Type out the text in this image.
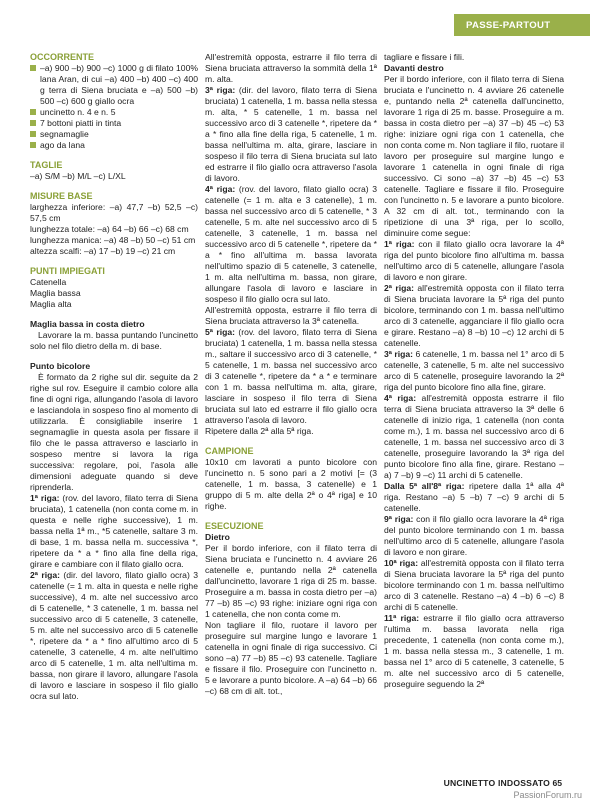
PASSE-PARTOUT

OCCORRENTE

–a) 900 –b) 900 –c) 1000 g di filato 100% lana Aran, di cui –a) 400 –b) 400 –c) 400 g terra di Siena bruciata e –a) 500 –b) 500 –c) 600 g giallo ocra

uncinetto n. 4 e n. 5

7 bottoni piatti in tinta

segnamaglie

ago da lana

TAGLIE

–a) S/M –b) M/L –c) L/XL

MISURE BASE

larghezza inferiore: –a) 47,7 –b) 52,5 –c) 57,5 cm

lunghezza totale: –a) 64 –b) 66 –c) 68 cm

lunghezza manica: –a) 48 –b) 50 –c) 51 cm

altezza scalfi: –a) 17 –b) 19 –c) 21 cm

PUNTI IMPIEGATI

Catenella

Maglia bassa

Maglia alta

Maglia bassa in costa dietro

Lavorare la m. bassa puntando l'uncinetto solo nel filo dietro della m. di base.

Punto bicolore

È formato da 2 righe sul dir. seguite da 2 righe sul rov. Eseguire il cambio colore alla fine di ogni riga, allungando l'asola di lavoro e lasciandola in sospeso fino al momento di utilizzarla. È consigliabile inserire 1 segnamaglie in questa asola per fissare il filo che le passa attraverso e lasciarlo in sospeso mentre si lavora la riga successiva: regolare, poi, l'asola alle dimensioni adeguate quando si deve riprenderla.

1ª riga: (rov. del lavoro, filato terra di Siena bruciata), 1 catenella (non conta come m. in questa e nelle righe successive), 1 m. bassa nella 1ª m., *5 catenelle, saltare 3 m. di base, 1 m. bassa nella m. successiva *, ripetere da * a * fino alla fine della riga, girare e cambiare con il filato giallo ocra.

2ª riga: (dir. del lavoro, filato giallo ocra) 3 catenelle (= 1 m. alta in questa e nelle righe successive), 4 m. alte nel successivo arco di 5 catenelle, * 3 catenelle, 1 m. bassa nel successivo arco di 5 catenelle, 3 catenelle, 5 m. alte nel successivo arco di 5 catenelle *, ripetere da * a * fino all'ultimo arco di 5 catenelle, 3 catenelle, 4 m. alte nell'ultimo arco di 5 catenelle, 1 m. alta nell'ultima m. bassa, non girare il lavoro, allungare l'asola di lavoro e lasciare in sospeso il filo giallo ocra sul lato.

All'estremità opposta, estrarre il filo terra di Siena bruciata attraverso la sommità della 1ª m. alta.

3ª riga: (dir. del lavoro, filato terra di Siena bruciata) 1 catenella, 1 m. bassa nella stessa m. alta, * 5 catenelle, 1 m. bassa nel successivo arco di 3 catenelle *, ripetere da * a * fino alla fine della riga, 5 catenelle, 1 m. bassa nell'ultima m. alta, girare, lasciare in sospeso il filo terra di Siena bruciata sul lato ed estrarre il filo giallo ocra attraverso l'asola di lavoro.

4ª riga: (rov. del lavoro, filato giallo ocra) 3 catenelle (= 1 m. alta e 3 catenelle), 1 m. bassa nel successivo arco di 5 catenelle, * 3 catenelle, 5 m. alte nel successivo arco di 5 catenelle, 3 catenelle, 1 m. bassa nel successivo arco di 5 catenelle *, ripetere da * a * fino all'ultima m. bassa lavorata nell'ultimo spazio di 5 catenelle, 3 catenelle, 1 m. alta nell'ultima m. bassa, non girare, allungare l'asola di lavoro e lasciare in sospeso il filo giallo ocra sul lato.

All'estremità opposta, estrarre il filo terra di Siena bruciata attraverso la 3ª catenella.

5ª riga: (rov. del lavoro, filato terra di Siena bruciata) 1 catenella, 1 m. bassa nella stessa m., saltare il successivo arco di 3 catenelle, * 5 catenelle, 1 m. bassa nel successivo arco di 3 catenelle *, ripetere da * a * e terminare con 1 m. bassa nell'ultima m. alta, girare, lasciare in sospeso il filo terra di Siena bruciata sul lato ed estrarre il filo giallo ocra attraverso l'asola di lavoro.

Ripetere dalla 2ª alla 5ª riga.

CAMPIONE

10x10 cm lavorati a punto bicolore con l'uncinetto n. 5 sono pari a 2 motivi [= (3 catenelle, 1 m. bassa, 3 catenelle) e 1 gruppo di 5 m. alte della 2ª o 4ª riga] e 10 righe.

ESECUZIONE

Dietro

Per il bordo inferiore, con il filato terra di Siena bruciata e l'uncinetto n. 4 avviare 26 catenelle e, puntando nella 2ª catenella dall'uncinetto, lavorare 1 riga di 25 m. basse. Proseguire a m. bassa in costa dietro per –a) 77 –b) 85 –c) 93 righe: iniziare ogni riga con 1 catenella, che non conta come m.

Non tagliare il filo, ruotare il lavoro per proseguire sul margine lungo e lavorare 1 catenella in ogni finale di riga successivo. Ci sono –a) 77 –b) 85 –c) 93 catenelle. Tagliare e fissare il filo. Proseguire con l'uncinetto n. 5 e lavorare a punto bicolore. A –a) 64 –b) 66 –c) 68 cm di alt. tot.,

tagliare e fissare i fili.

Davanti destro

Per il bordo inferiore, con il filato terra di Siena bruciata e l'uncinetto n. 4 avviare 26 catenelle e, puntando nella 2ª catenella dall'uncinetto, lavorare 1 riga di 25 m. basse. Proseguire a m. bassa in costa dietro per –a) 37 –b) 45 –c) 53 righe: iniziare ogni riga con 1 catenella, che non conta come m. Non tagliare il filo, ruotare il lavoro per proseguire sul margine lungo e lavorare 1 catenella in ogni finale di riga successivo. Ci sono –a) 37 –b) 45 –c) 53 catenelle. Tagliare e fissare il filo. Proseguire con l'uncinetto n. 5 e lavorare a punto bicolore. A 32 cm di alt. tot., terminando con la ripetizione di una 3ª riga, per lo scollo, diminuire come segue:

1ª riga: con il filato giallo ocra lavorare la 4ª riga del punto bicolore fino all'ultima m. bassa nell'ultimo arco di 5 catenelle, allungare l'asola di lavoro e non girare.

2ª riga: all'estremità opposta con il filato terra di Siena bruciata lavorare la 5ª riga del punto bicolore, terminando con 1 m. bassa nell'ultimo arco di 3 catenelle, agganciare il filo giallo ocra e girare. Restano –a) 8 –b) 10 –c) 12 archi di 5 catenelle.

3ª riga: 6 catenelle, 1 m. bassa nel 1° arco di 5 catenelle, 3 catenelle, 5 m. alte nel successivo arco di 5 catenelle, proseguire lavorando la 2ª riga del punto bicolore fino alla fine, girare.

4ª riga: all'estremità opposta estrarre il filo terra di Siena bruciata attraverso la 3ª delle 6 catenelle di inizio riga, 1 catenella (non conta come m.), 1 m. bassa nel successivo arco di 6 catenelle, 1 m. bassa nel successivo arco di 3 catenelle, proseguire lavorando la 3ª riga del punto bicolore fino alla fine, girare. Restano –a) 7 –b) 9 –c) 11 archi di 5 catenelle.

Dalla 5ª all'8ª riga: ripetere dalla 1ª alla 4ª riga. Restano –a) 5 –b) 7 –c) 9 archi di 5 catenelle.

9ª riga: con il filo giallo ocra lavorare la 4ª riga del punto bicolore terminando con 1 m. bassa nell'ultimo arco di 5 catenelle, allungare l'asola di lavoro e non girare.

10ª riga: all'estremità opposta con il filato terra di Siena bruciata lavorare la 5ª riga del punto bicolore terminando con 1 m. bassa nell'ultimo arco di 3 catenelle. Restano –a) 4 –b) 6 –c) 8 archi di 5 catenelle.

11ª riga: estrarre il filo giallo ocra attraverso l'ultima m. bassa lavorata nella riga precedente, 1 catenella (non conta come m.), 1 m. bassa nella stessa m., 3 catenelle, 1 m. bassa nel 1° arco di 5 catenelle, 3 catenelle, 5 m. alte nel successivo arco di 5 catenelle, proseguire seguendo la 2ª

UNCINETTO INDOSSATO 65
PassionForum.ru
